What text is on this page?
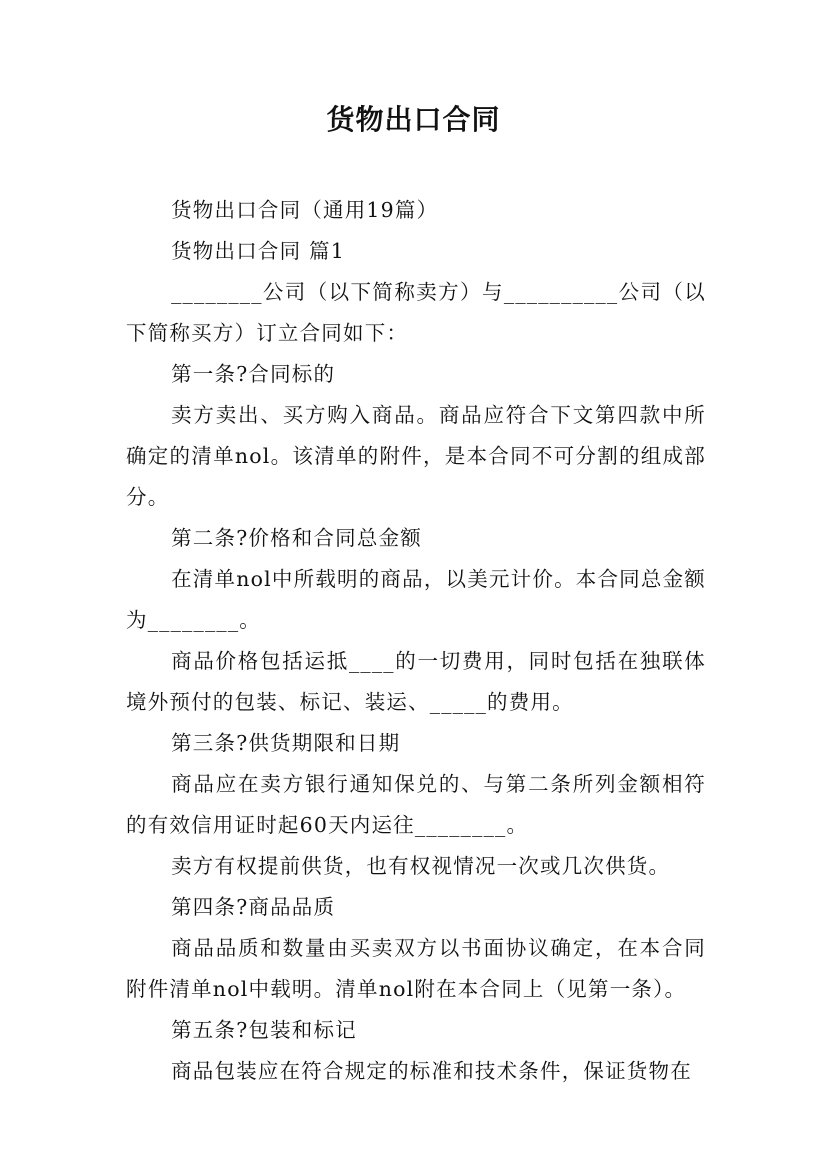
货物出口合同

货物出口合同（通用19篇）

货物出口合同 篇1

________公司（以下简称卖方）与__________公司（以下简称买方）订立合同如下：

第一条?合同标的

卖方卖出、买方购入商品。商品应符合下文第四款中所确定的清单nol。该清单的附件，是本合同不可分割的组成部分。

第二条?价格和合同总金额

在清单nol中所载明的商品，以美元计价。本合同总金额为________。

商品价格包括运抵____的一切费用，同时包括在独联体境外预付的包装、标记、装运、_____的费用。

第三条?供货期限和日期

商品应在卖方银行通知保兑的、与第二条所列金额相符的有效信用证时起60天内运往________。

卖方有权提前供货，也有权视情况一次或几次供货。

第四条?商品品质

商品品质和数量由买卖双方以书面协议确定，在本合同附件清单nol中载明。清单nol附在本合同上（见第一条）。

第五条?包装和标记

商品包装应在符合规定的标准和技术条件，保证货物在
